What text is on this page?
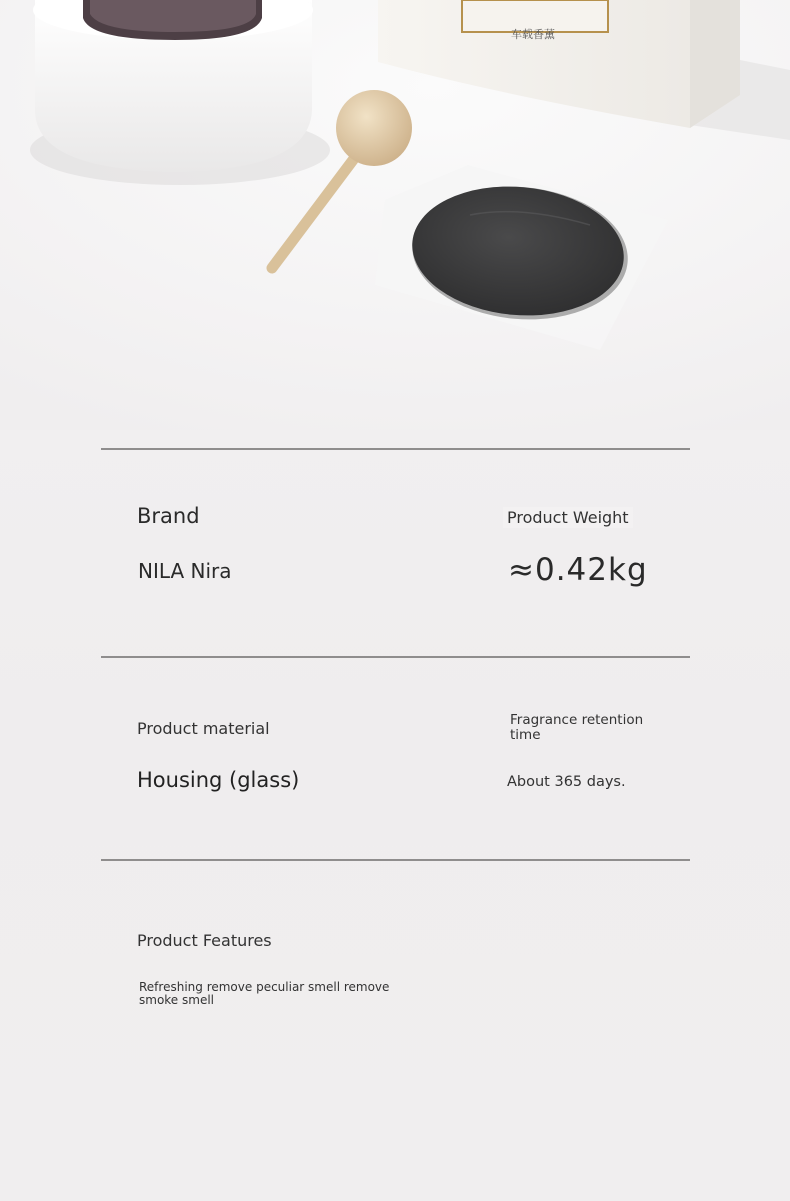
车载香薰
Brand
NILA Nira
Product Weight
≈0.42kg
Product material
Housing (glass)
Fragrance retention time
About 365 days.
Product Features
Refreshing remove peculiar smell remove smoke smell
